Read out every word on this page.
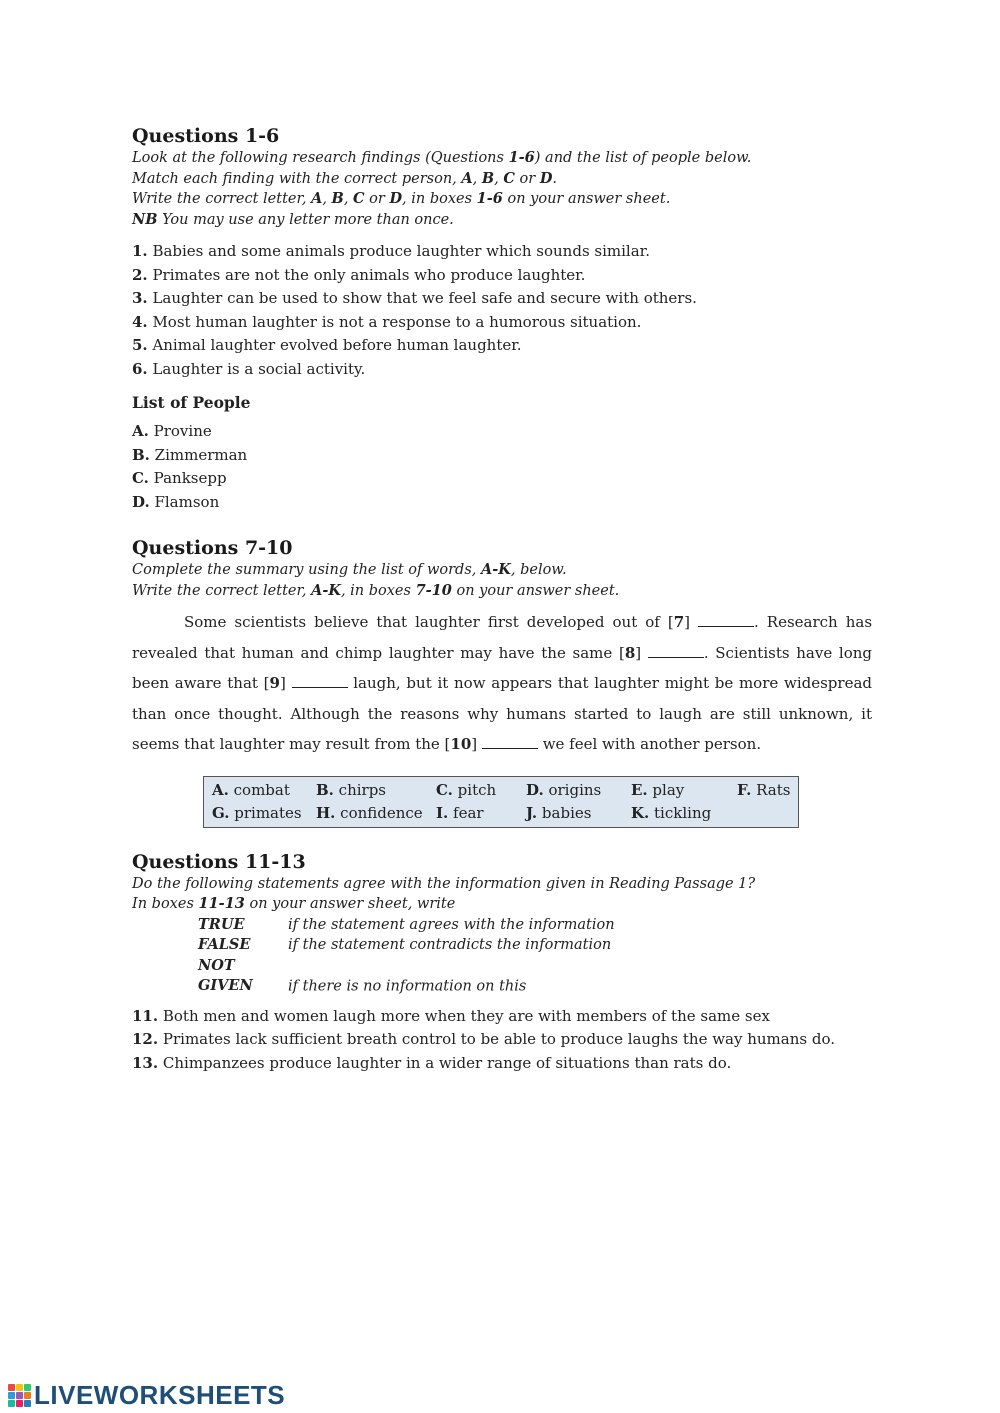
Questions 1-6
Look at the following research findings (Questions 1-6) and the list of people below.
Match each finding with the correct person, A, B, C or D.
Write the correct letter, A, B, C or D, in boxes 1-6 on your answer sheet.
NB You may use any letter more than once.
1. Babies and some animals produce laughter which sounds similar.
2. Primates are not the only animals who produce laughter.
3. Laughter can be used to show that we feel safe and secure with others.
4. Most human laughter is not a response to a humorous situation.
5. Animal laughter evolved before human laughter.
6. Laughter is a social activity.
List of People
A. Provine
B. Zimmerman
C. Panksepp
D. Flamson
Questions 7-10
Complete the summary using the list of words, A-K, below.
Write the correct letter, A-K, in boxes 7-10 on your answer sheet.

Some scientists believe that laughter first developed out of [7]	. Research has revealed that human and chimp laughter may have the same [8]	. Scientists have long been aware that [9]	laugh, but it now appears that laughter might be more widespread than once thought. Although the reasons why humans started to laugh are still unknown, it seems that laughter may result from the [10]	we feel with another person.

A. combat	B. chirps	C. pitch	D. origins	E. play	F. Rats
G. primates	H. confidence	I. fear	J. babies	K. tickling	
Questions 11-13
Do the following statements agree with the information given in Reading Passage 1?
In boxes 11-13 on your answer sheet, write
TRUE	if the statement agrees with the information
FALSE	if the statement contradicts the information
NOT GIVEN if there is no information on this
11. Both men and women laugh more when they are with members of the same sex
12. Primates lack sufficient breath control to be able to produce laughs the way humans do.
13. Chimpanzees produce laughter in a wider range of situations than rats do.
LIVEWORKSHEETS
